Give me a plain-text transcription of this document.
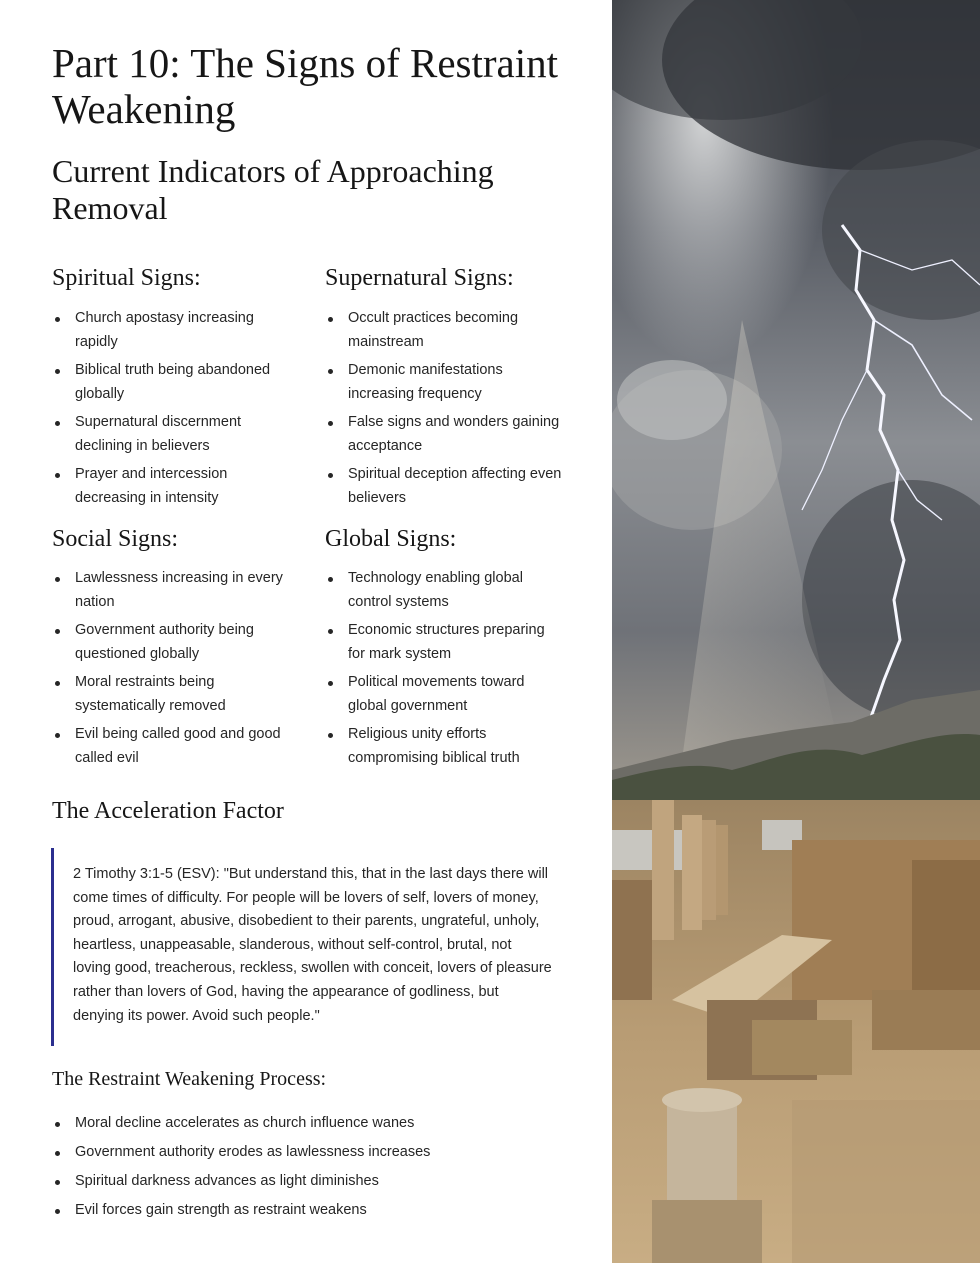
Part 10: The Signs of Restraint Weakening
Current Indicators of Approaching Removal
Spiritual Signs:
Church apostasy increasing rapidly
Biblical truth being abandoned globally
Supernatural discernment declining in believers
Prayer and intercession decreasing in intensity
Supernatural Signs:
Occult practices becoming mainstream
Demonic manifestations increasing frequency
False signs and wonders gaining acceptance
Spiritual deception affecting even believers
Social Signs:
Lawlessness increasing in every nation
Government authority being questioned globally
Moral restraints being systematically removed
Evil being called good and good called evil
Global Signs:
Technology enabling global control systems
Economic structures preparing for mark system
Political movements toward global government
Religious unity efforts compromising biblical truth
The Acceleration Factor

2 Timothy 3:1-5 (ESV): "But understand this, that in the last days there will come times of difficulty. For people will be lovers of self, lovers of money, proud, arrogant, abusive, disobedient to their parents, ungrateful, unholy, heartless, unappeasable, slanderous, without self-control, brutal, not loving good, treacherous, reckless, swollen with conceit, lovers of pleasure rather than lovers of God, having the appearance of godliness, but denying its power. Avoid such people."

The Restraint Weakening Process:
Moral decline accelerates as church influence wanes
Government authority erodes as lawlessness increases
Spiritual darkness advances as light diminishes
Evil forces gain strength as restraint weakens
